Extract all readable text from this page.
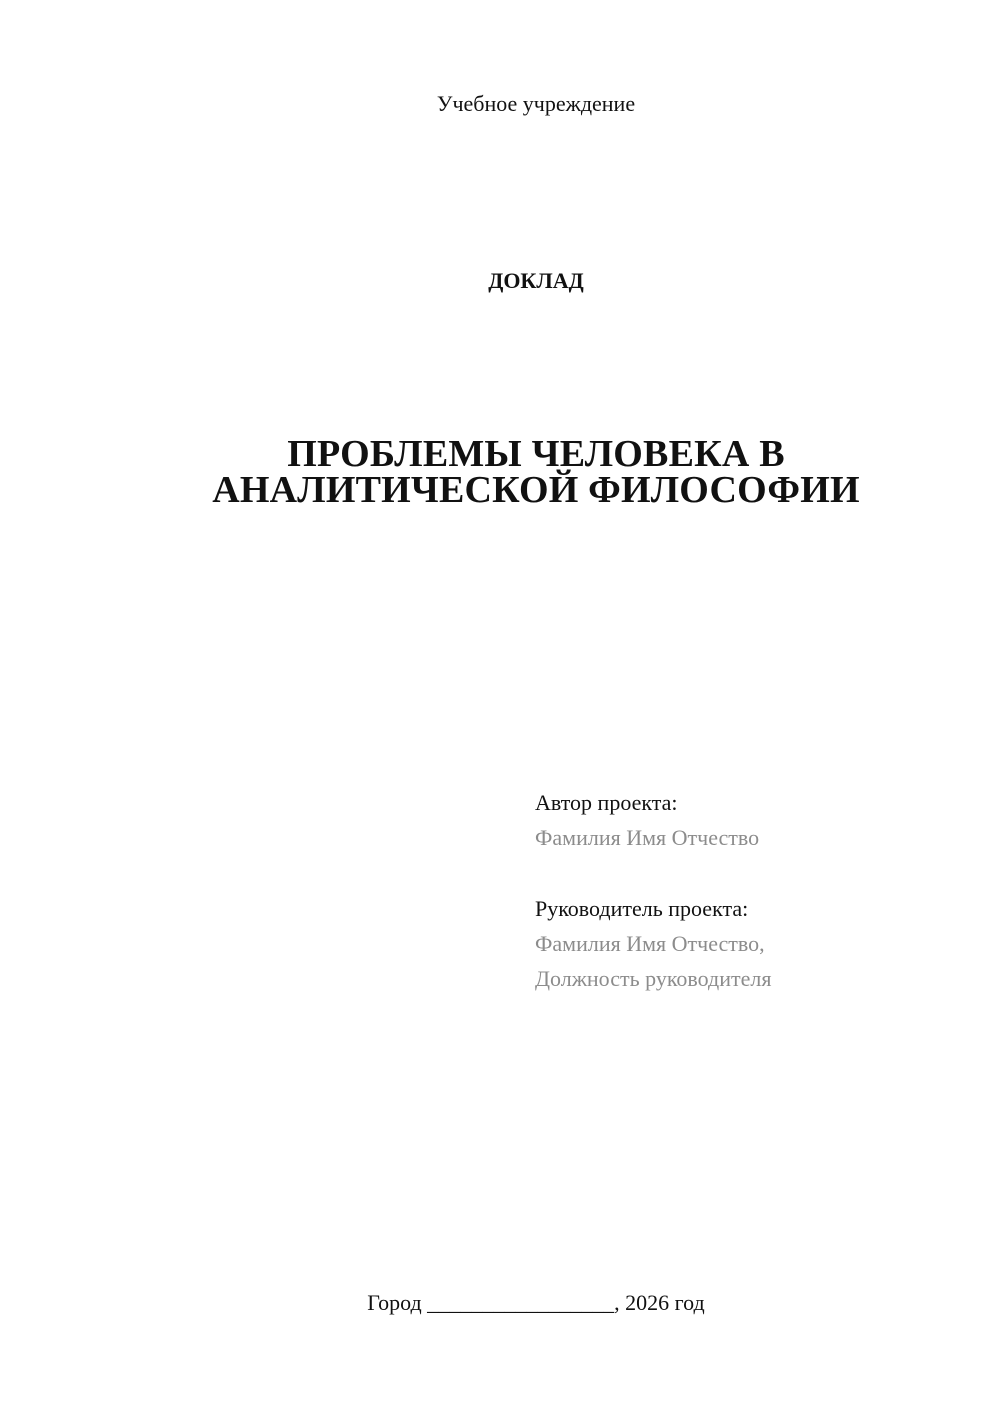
Учебное учреждение
ДОКЛАД
ПРОБЛЕМЫ ЧЕЛОВЕКА В
АНАЛИТИЧЕСКОЙ ФИЛОСОФИИ
Автор проекта:
Фамилия Имя Отчество
Руководитель проекта:
Фамилия Имя Отчество,
Должность руководителя
Город _________________, 2026 год
